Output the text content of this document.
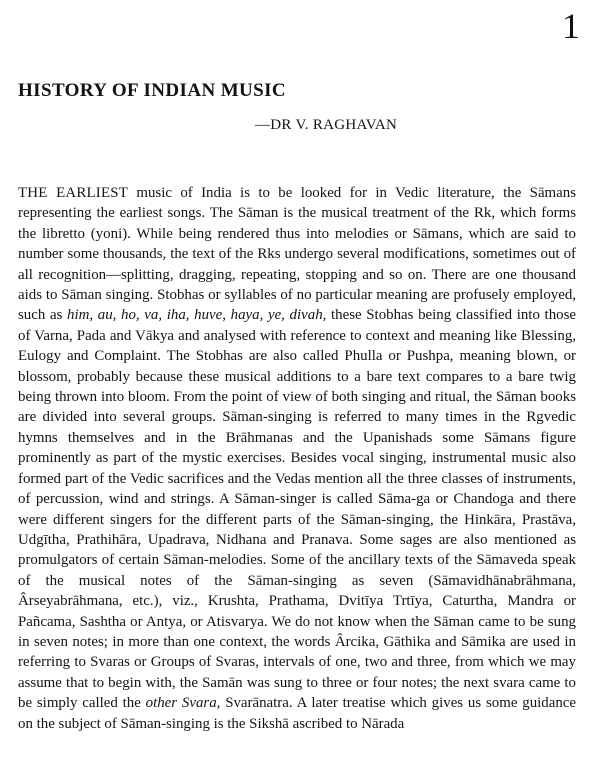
1
HISTORY OF INDIAN MUSIC
—DR V. RAGHAVAN

THE EARLIEST music of India is to be looked for in Vedic literature, the Sāmans representing the earliest songs. The Sāman is the musical treatment of the Rk, which forms the libretto (yoni). While being rendered thus into melodies or Sāmans, which are said to number some thousands, the text of the Rks undergo several modifications, sometimes out of all recognition—splitting, dragging, repeating, stopping and so on. There are one thousand aids to Sāman singing. Stobhas or syllables of no particular meaning are profusely employed, such as him, au, ho, va, iha, huve, haya, ye, divah, these Stobhas being classified into those of Varna, Pada and Vākya and analysed with reference to context and meaning like Blessing, Eulogy and Complaint. The Stobhas are also called Phulla or Pushpa, meaning blown, or blossom, probably because these musical additions to a bare text compares to a bare twig being thrown into bloom. From the point of view of both singing and ritual, the Sāman books are divided into several groups. Sāman-singing is referred to many times in the Rgvedic hymns themselves and in the Brāhmanas and the Upanishads some Sāmans figure prominently as part of the mystic exercises. Besides vocal singing, instrumental music also formed part of the Vedic sacrifices and the Vedas mention all the three classes of instruments, of percussion, wind and strings. A Sāman-singer is called Sāma-ga or Chandoga and there were different singers for the different parts of the Sāman-singing, the Hinkāra, Prastāva, Udgītha, Prathihāra, Upadrava, Nidhana and Pranava. Some sages are also mentioned as promulgators of certain Sāman-melodies. Some of the ancillary texts of the Sāmaveda speak of the musical notes of the Sāman-singing as seven (Sāmavidhānabrāhmana, Ârseyabrāhmana, etc.), viz., Krushta, Prathama, Dvitīya Trtīya, Caturtha, Mandra or Pañcama, Sashtha or Antya, or Atisvarya. We do not know when the Sāman came to be sung in seven notes; in more than one context, the words Ârcika, Gāthika and Sāmika are used in referring to Svaras or Groups of Svaras, intervals of one, two and three, from which we may assume that to begin with, the Samān was sung to three or four notes; the next svara came to be simply called the other Svara, Svarānatra. A later treatise which gives us some guidance on the subject of Sāman-singing is the Sikshā ascribed to Nārada
